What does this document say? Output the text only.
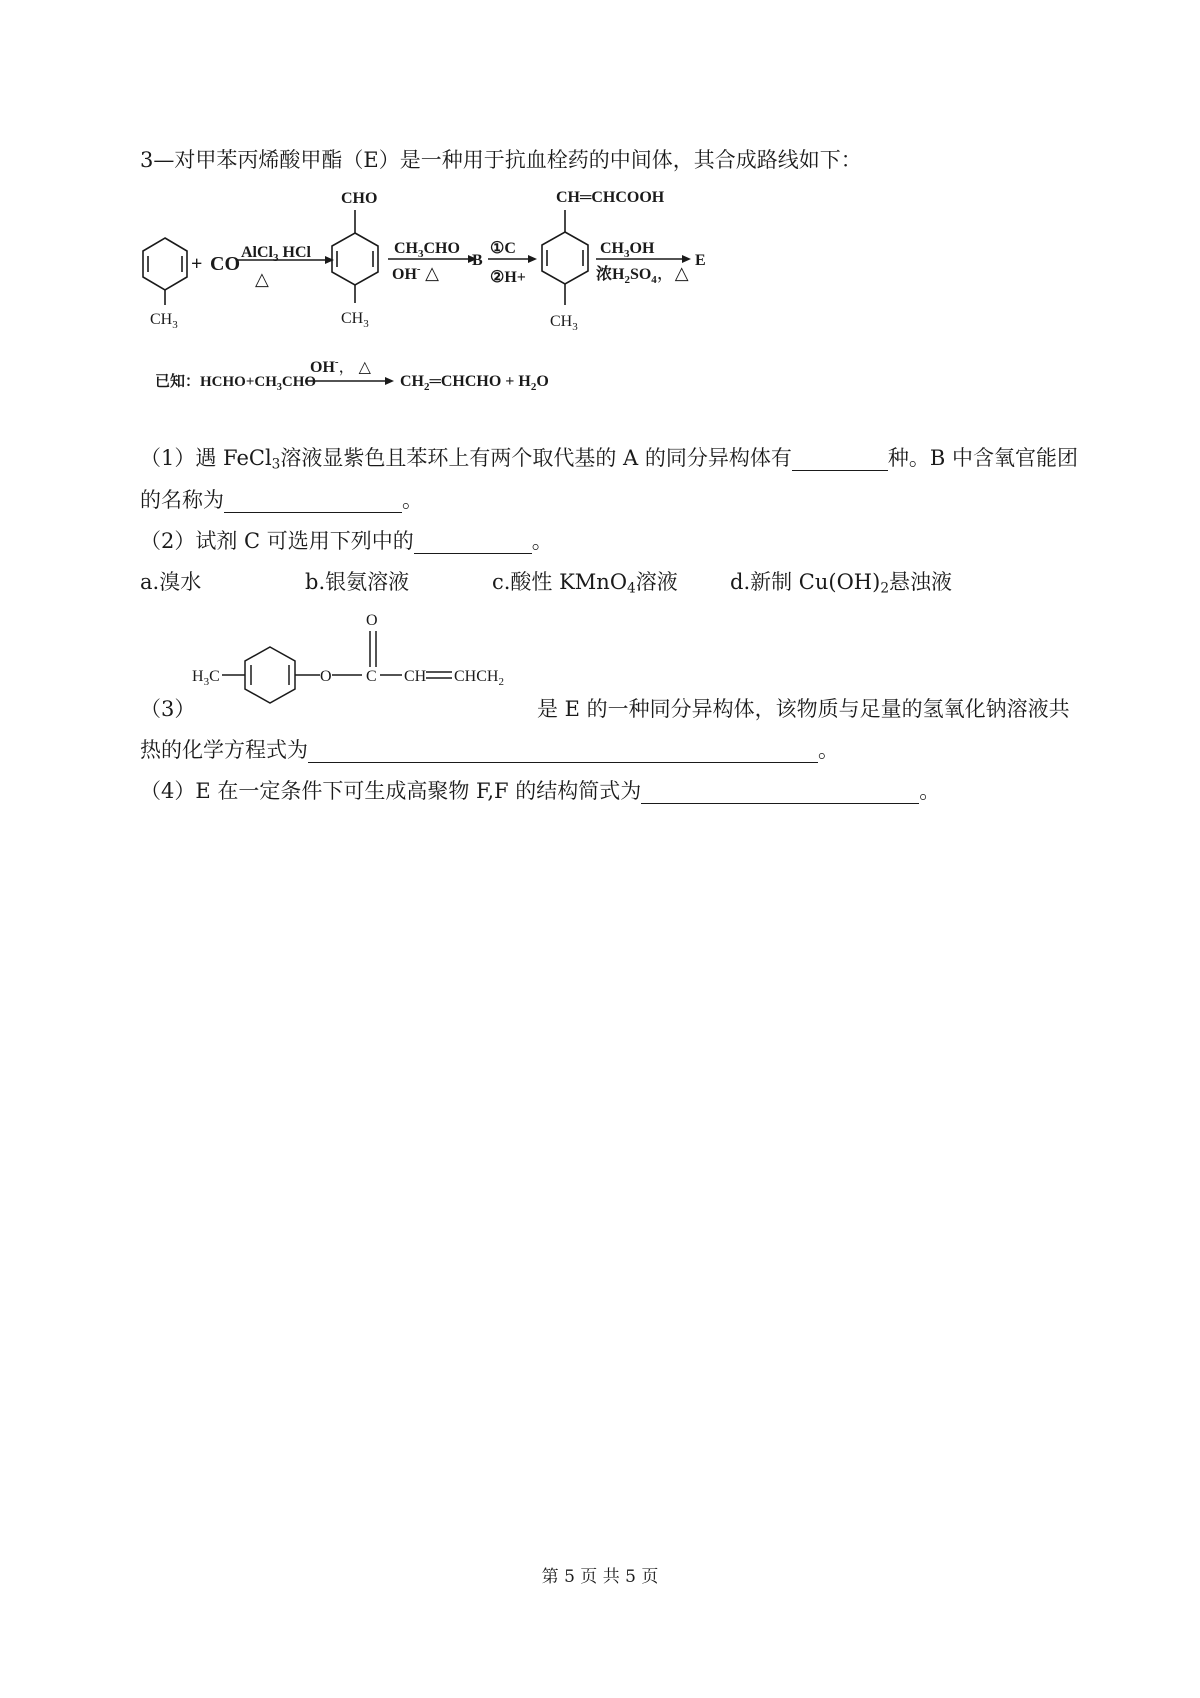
3—对甲苯丙烯酸甲酯（E）是一种用于抗血栓药的中间体，其合成路线如下：
+ CO
AlCl$_3$ HCl
△
$CH_3$
CHO
$CH_3$
$CH_3CHO$
OH- △
B
①C
②H+
CH═CHCOOH
$CH_3$
$CH_3OH$
浓$H_2SO_4$，△
E
已知：$HCHO+CH_3CHO$
OH-， △
$CH_2═CHCHO + H_2O$
（1）遇 FeCl$_3$溶液显紫色且苯环上有两个取代基的 A 的同分异构体有	种。B 中含氧官能团
的名称为	。
（2）试剂 C 可选用下列中的	。
a.溴水	b.银氨溶液	c.酸性 KMnO$_4$溶液 d.新制 $Cu(OH)_2$悬浊液
$H_3C$	O
O
C CH $CHCH_2$
（3）	是 E 的一种同分异构体，该物质与足量的氢氧化钠溶液共
热的化学方程式为	。
（4）E 在一定条件下可生成高聚物 F,F 的结构简式为	。
第 5 页 共 5 页
